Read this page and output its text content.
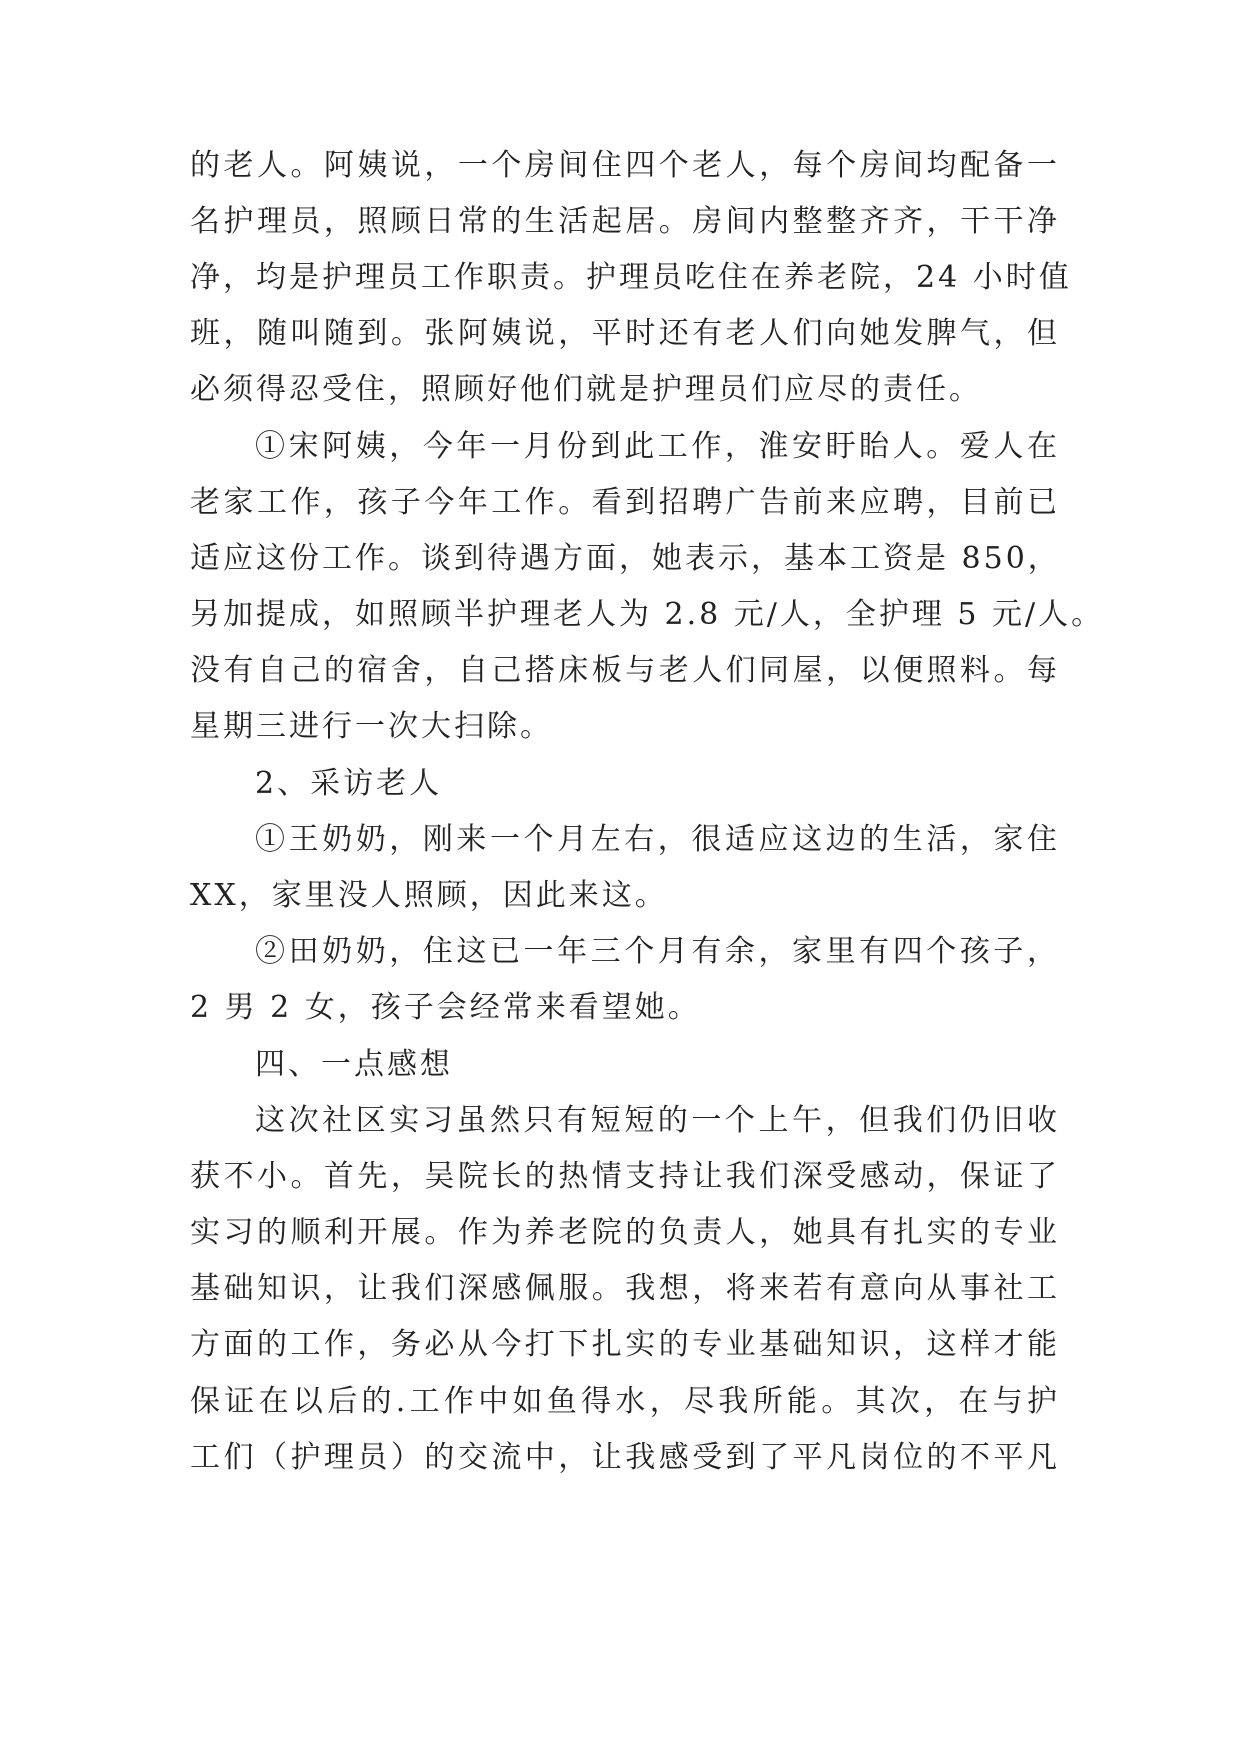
的老人。阿姨说，一个房间住四个老人，每个房间均配备一
名护理员，照顾日常的生活起居。房间内整整齐齐，干干净
净，均是护理员工作职责。护理员吃住在养老院，24 小时值
班，随叫随到。张阿姨说，平时还有老人们向她发脾气，但
必须得忍受住，照顾好他们就是护理员们应尽的责任。
①宋阿姨，今年一月份到此工作，淮安盱眙人。爱人在
老家工作，孩子今年工作。看到招聘广告前来应聘，目前已
适应这份工作。谈到待遇方面，她表示，基本工资是 850，
另加提成，如照顾半护理老人为 2.8 元/人，全护理 5 元/人。
没有自己的宿舍，自己搭床板与老人们同屋，以便照料。每
星期三进行一次大扫除。
2、采访老人
①王奶奶，刚来一个月左右，很适应这边的生活，家住
XX，家里没人照顾，因此来这。
②田奶奶，住这已一年三个月有余，家里有四个孩子，
2 男 2 女，孩子会经常来看望她。
四、一点感想
这次社区实习虽然只有短短的一个上午，但我们仍旧收
获不小。首先，吴院长的热情支持让我们深受感动，保证了
实习的顺利开展。作为养老院的负责人，她具有扎实的专业
基础知识，让我们深感佩服。我想，将来若有意向从事社工
方面的工作，务必从今打下扎实的专业基础知识，这样才能
保证在以后的.工作中如鱼得水，尽我所能。其次，在与护
工们（护理员）的交流中，让我感受到了平凡岗位的不平凡
